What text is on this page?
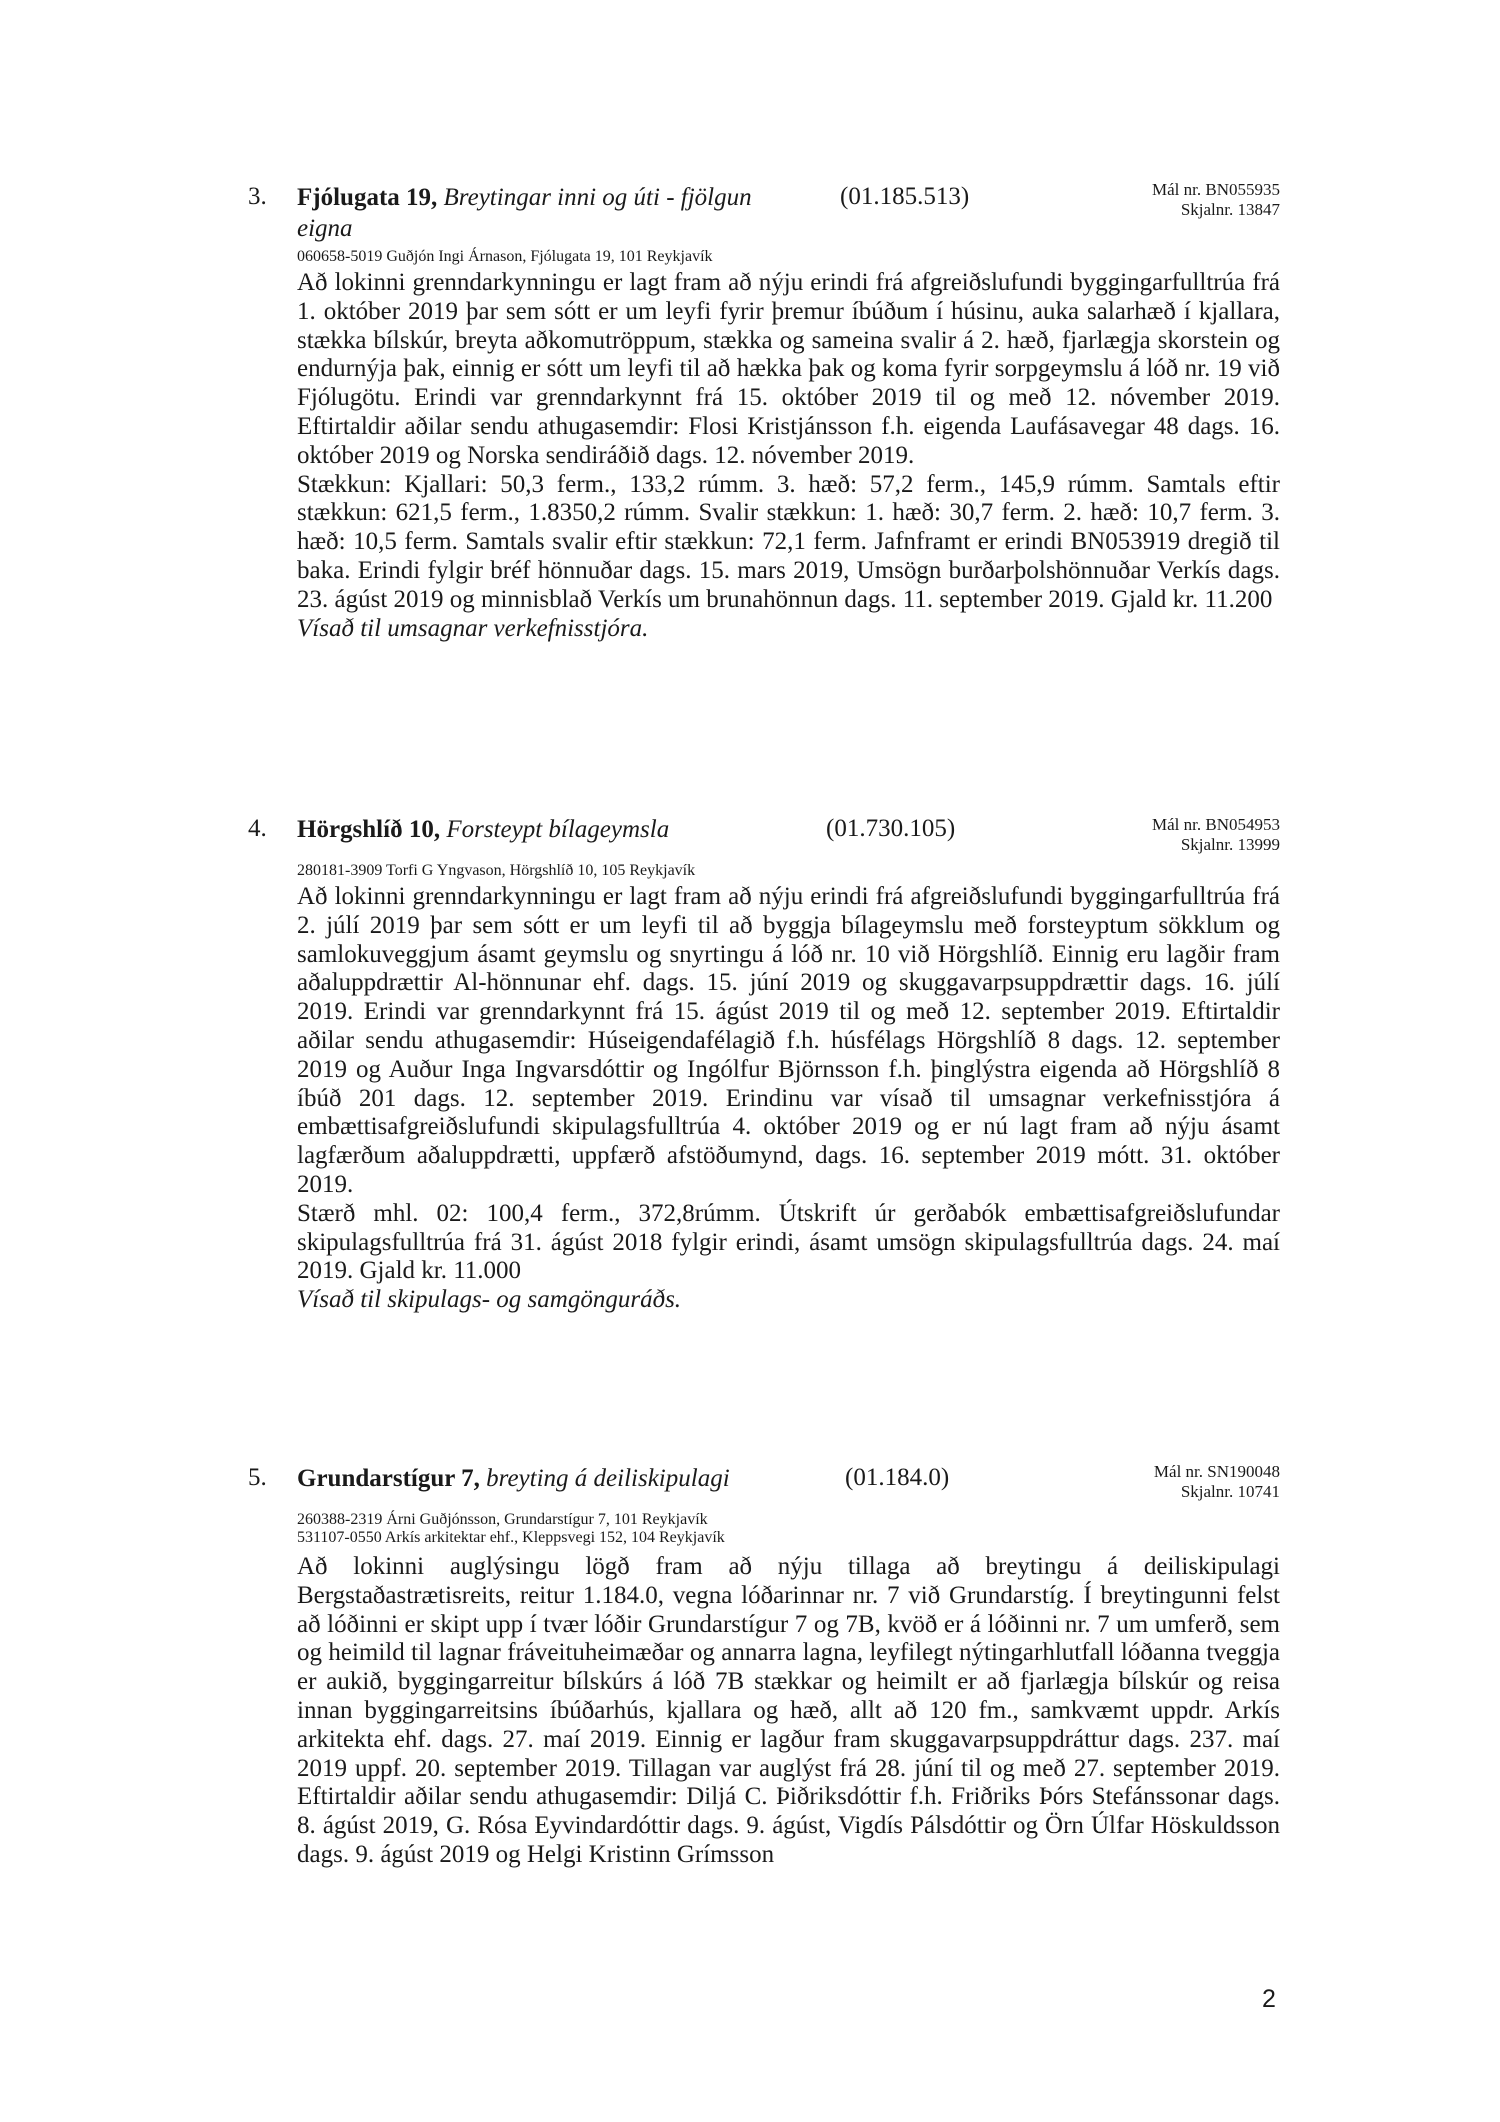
3. Fjólugata 19, Breytingar inni og úti - fjölgun
eigna
(01.185.513)	Mál nr. BN055935
Skjalnr. 13847
060658-5019 Guðjón Ingi Árnason, Fjólugata 19, 101 Reykjavík

Að lokinni grenndarkynningu er lagt fram að nýju erindi frá afgreiðslufundi byggingarfulltrúa frá 1. október 2019 þar sem sótt er um leyfi fyrir þremur íbúðum í húsinu, auka salarhæð í kjallara, stækka bílskúr, breyta aðkomutröppum, stækka og sameina svalir á 2. hæð, fjarlægja skorstein og endurnýja þak, einnig er sótt um leyfi til að hækka þak og koma fyrir sorpgeymslu á lóð nr. 19 við Fjólugötu. Erindi var grenndarkynnt frá 15. október 2019 til og með 12. nóvember 2019. Eftirtaldir aðilar sendu athugasemdir: Flosi Kristjánsson f.h. eigenda Laufásavegar 48 dags. 16. október 2019 og Norska sendiráðið dags. 12. nóvember 2019.

Stækkun: Kjallari: 50,3 ferm., 133,2 rúmm. 3. hæð: 57,2 ferm., 145,9 rúmm. Samtals eftir stækkun: 621,5 ferm., 1.8350,2 rúmm. Svalir stækkun: 1. hæð: 30,7 ferm. 2. hæð: 10,7 ferm. 3. hæð: 10,5 ferm. Samtals svalir eftir stækkun: 72,1 ferm. Jafnframt er erindi BN053919 dregið til baka. Erindi fylgir bréf hönnuðar dags. 15. mars 2019, Umsögn burðarþolshönnuðar Verkís dags. 23. ágúst 2019 og minnisblað Verkís um brunahönnun dags. 11. september 2019. Gjald kr. 11.200

Vísað til umsagnar verkefnisstjóra.

4. Hörgshlíð 10, Forsteypt bílageymsla	(01.730.105)	Mál nr. BN054953
Skjalnr. 13999
280181-3909 Torfi G Yngvason, Hörgshlíð 10, 105 Reykjavík

Að lokinni grenndarkynningu er lagt fram að nýju erindi frá afgreiðslufundi byggingarfulltrúa frá 2. júlí 2019 þar sem sótt er um leyfi til að byggja bílageymslu með forsteyptum sökklum og samlokuveggjum ásamt geymslu og snyrtingu á lóð nr. 10 við Hörgshlíð. Einnig eru lagðir fram aðaluppdrættir Al-hönnunar ehf. dags. 15. júní 2019 og skuggavarpsuppdrættir dags. 16. júlí 2019. Erindi var grenndarkynnt frá 15. ágúst 2019 til og með 12. september 2019. Eftirtaldir aðilar sendu athugasemdir: Húseigendafélagið f.h. húsfélags Hörgshlíð 8 dags. 12. september 2019 og Auður Inga Ingvarsdóttir og Ingólfur Björnsson f.h. þinglýstra eigenda að Hörgshlíð 8 íbúð 201 dags. 12. september 2019. Erindinu var vísað til umsagnar verkefnisstjóra á embættisafgreiðslufundi skipulagsfulltrúa 4. október 2019 og er nú lagt fram að nýju ásamt lagfærðum aðaluppdrætti, uppfærð afstöðumynd, dags. 16. september 2019 mótt. 31. október 2019.

Stærð mhl. 02: 100,4 ferm., 372,8rúmm. Útskrift úr gerðabók embættisafgreiðslufundar skipulagsfulltrúa frá 31. ágúst 2018 fylgir erindi, ásamt umsögn skipulagsfulltrúa dags. 24. maí 2019. Gjald kr. 11.000

Vísað til skipulags- og samgönguráðs.

5. Grundarstígur 7, breyting á deiliskipulagi	(01.184.0)	Mál nr. SN190048
Skjalnr. 10741
260388-2319 Árni Guðjónsson, Grundarstígur 7, 101 Reykjavík
531107-0550 Arkís arkitektar ehf., Kleppsvegi 152, 104 Reykjavík

Að lokinni auglýsingu lögð fram að nýju tillaga að breytingu á deiliskipulagi Bergstaðastrætisreits, reitur 1.184.0, vegna lóðarinnar nr. 7 við Grundarstíg. Í breytingunni felst að lóðinni er skipt upp í tvær lóðir Grundarstígur 7 og 7B, kvöð er á lóðinni nr. 7 um umferð, sem og heimild til lagnar fráveituheimæðar og annarra lagna, leyfilegt nýtingarhlutfall lóðanna tveggja er aukið, byggingarreitur bílskúrs á lóð 7B stækkar og heimilt er að fjarlægja bílskúr og reisa innan byggingarreitsins íbúðarhús, kjallara og hæð, allt að 120 fm., samkvæmt uppdr. Arkís arkitekta ehf. dags. 27. maí 2019. Einnig er lagður fram skuggavarpsuppdráttur dags. 237. maí 2019 uppf. 20. september 2019. Tillagan var auglýst frá 28. júní til og með 27. september 2019. Eftirtaldir aðilar sendu athugasemdir: Diljá C. Þiðriksdóttir f.h. Friðriks Þórs Stefánssonar dags. 8. ágúst 2019, G. Rósa Eyvindardóttir dags. 9. ágúst, Vigdís Pálsdóttir og Örn Úlfar Höskuldsson dags. 9. ágúst 2019 og Helgi Kristinn Grímsson

2
